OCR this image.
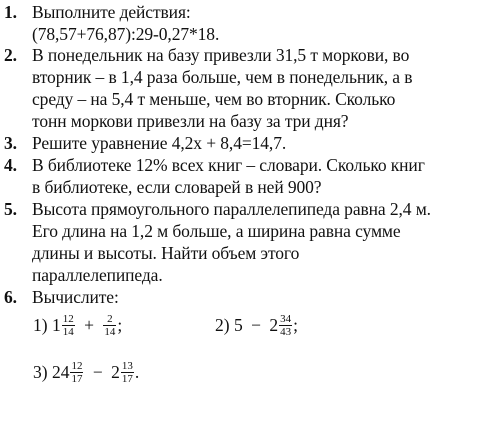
1. Выполните действия:
(78,57+76,87):29-0,27*18.
2. В понедельник на базу привезли 31,5 т моркови, во
вторник – в 1,4 раза больше, чем в понедельник, а в
среду – на 5,4 т меньше, чем во вторник. Сколько
тонн моркови привезли на базу за три дня?
3. Решите уравнение 4,2х + 8,4=14,7.
4. В библиотеке 12% всех книг – словари. Сколько книг
в библиотеке, если словарей в ней 900?
5. Высота прямоугольного параллелепипеда равна 2,4 м.
Его длина на 1,2 м больше, а ширина равна сумме
длины и высоты. Найти объем этого
параллелепипеда.
6. Вычислите:
1) $1 \frac{12}{14} + \frac{2}{14}$ ;	2) $5 - 2 \frac{34}{43}$ ;
3) $24 \frac{12}{17} - 2 \frac{13}{17}$ .
